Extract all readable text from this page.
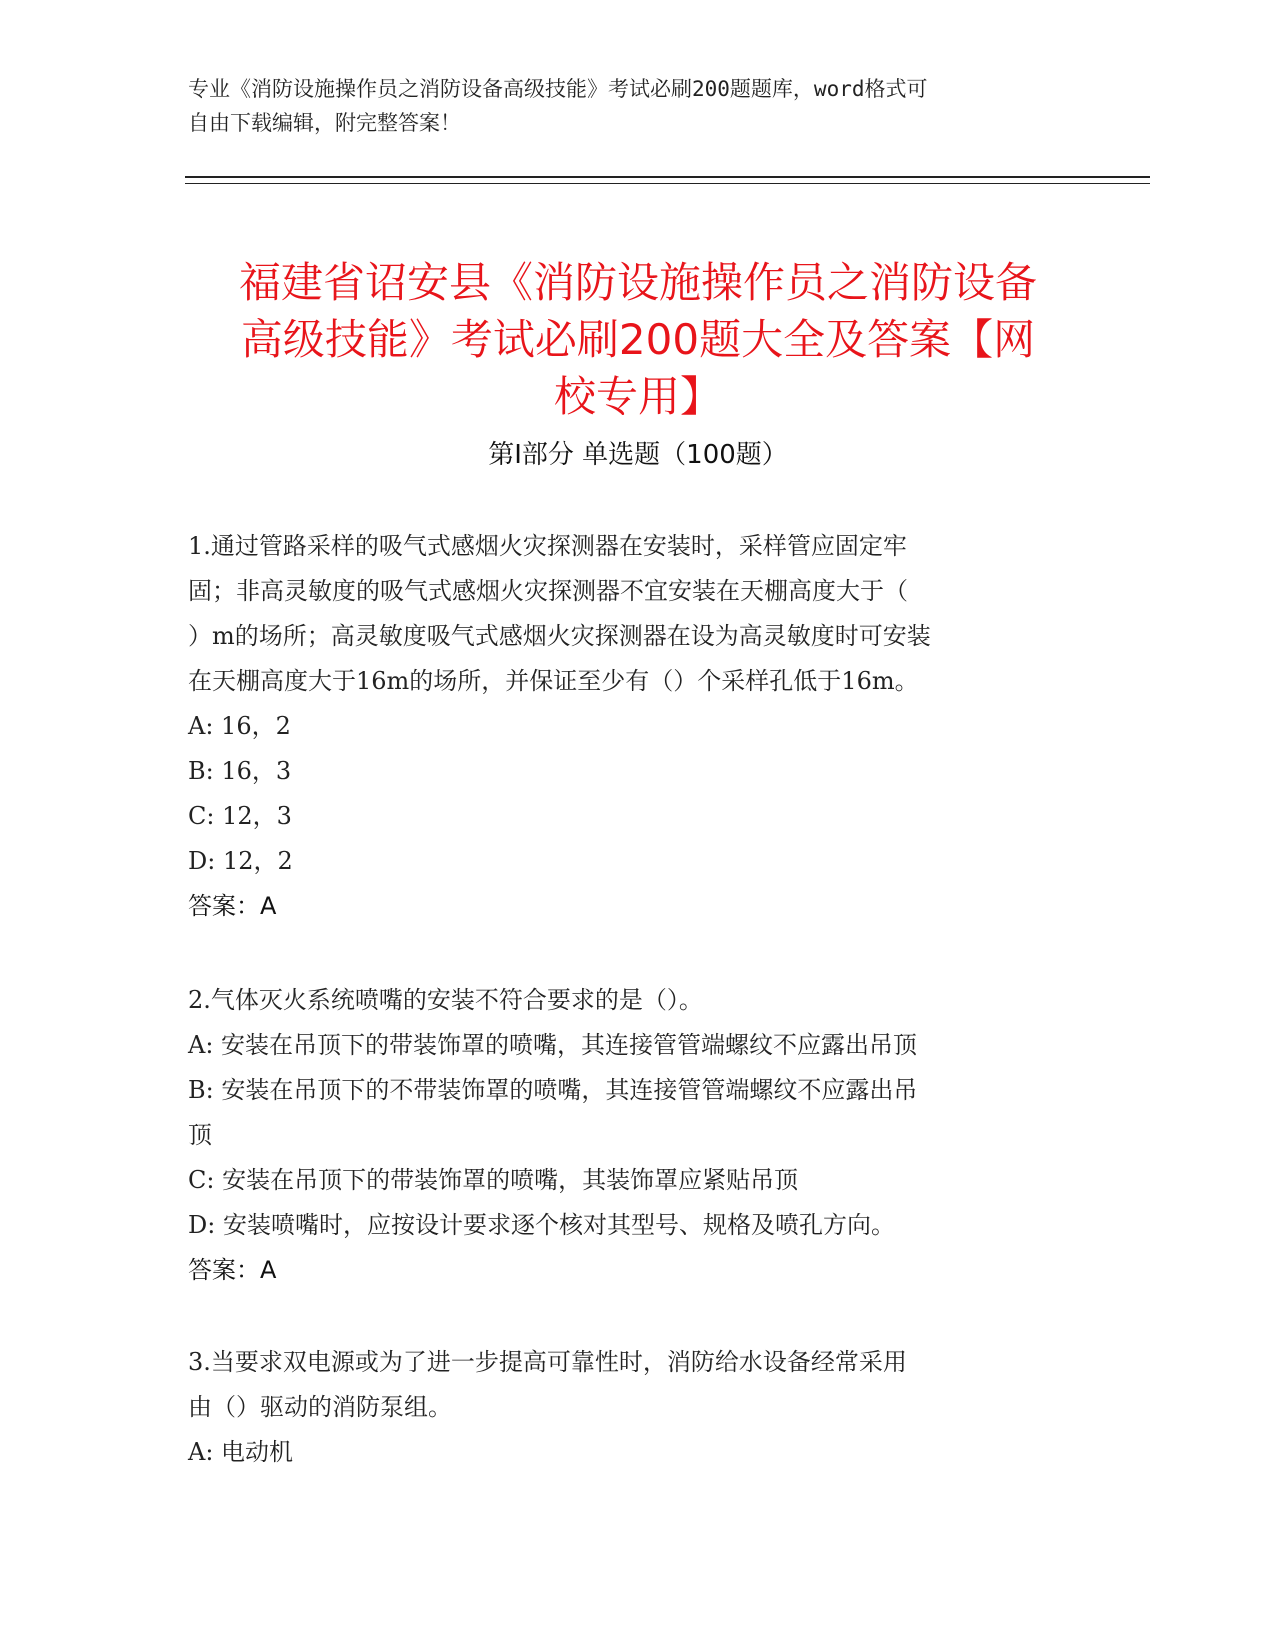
专业《消防设施操作员之消防设备高级技能》考试必刷200题题库，word格式可
自由下载编辑，附完整答案！
福建省诏安县《消防设施操作员之消防设备
高级技能》考试必刷200题大全及答案【网
校专用】
第Ⅰ部分 单选题（100题）
1.通过管路采样的吸气式感烟火灾探测器在安装时，采样管应固定牢
固；非高灵敏度的吸气式感烟火灾探测器不宜安装在天棚高度大于（
）m的场所；高灵敏度吸气式感烟火灾探测器在设为高灵敏度时可安装
在天棚高度大于16m的场所，并保证至少有（）个采样孔低于16m。
A: 16，2
B: 16，3
C: 12，3
D: 12，2
答案：A
2.气体灭火系统喷嘴的安装不符合要求的是（）。
A: 安装在吊顶下的带装饰罩的喷嘴，其连接管管端螺纹不应露出吊顶
B: 安装在吊顶下的不带装饰罩的喷嘴，其连接管管端螺纹不应露出吊
顶
C: 安装在吊顶下的带装饰罩的喷嘴，其装饰罩应紧贴吊顶
D: 安装喷嘴时，应按设计要求逐个核对其型号、规格及喷孔方向。
答案：A
3.当要求双电源或为了进一步提高可靠性时，消防给水设备经常采用
由（）驱动的消防泵组。
A: 电动机
